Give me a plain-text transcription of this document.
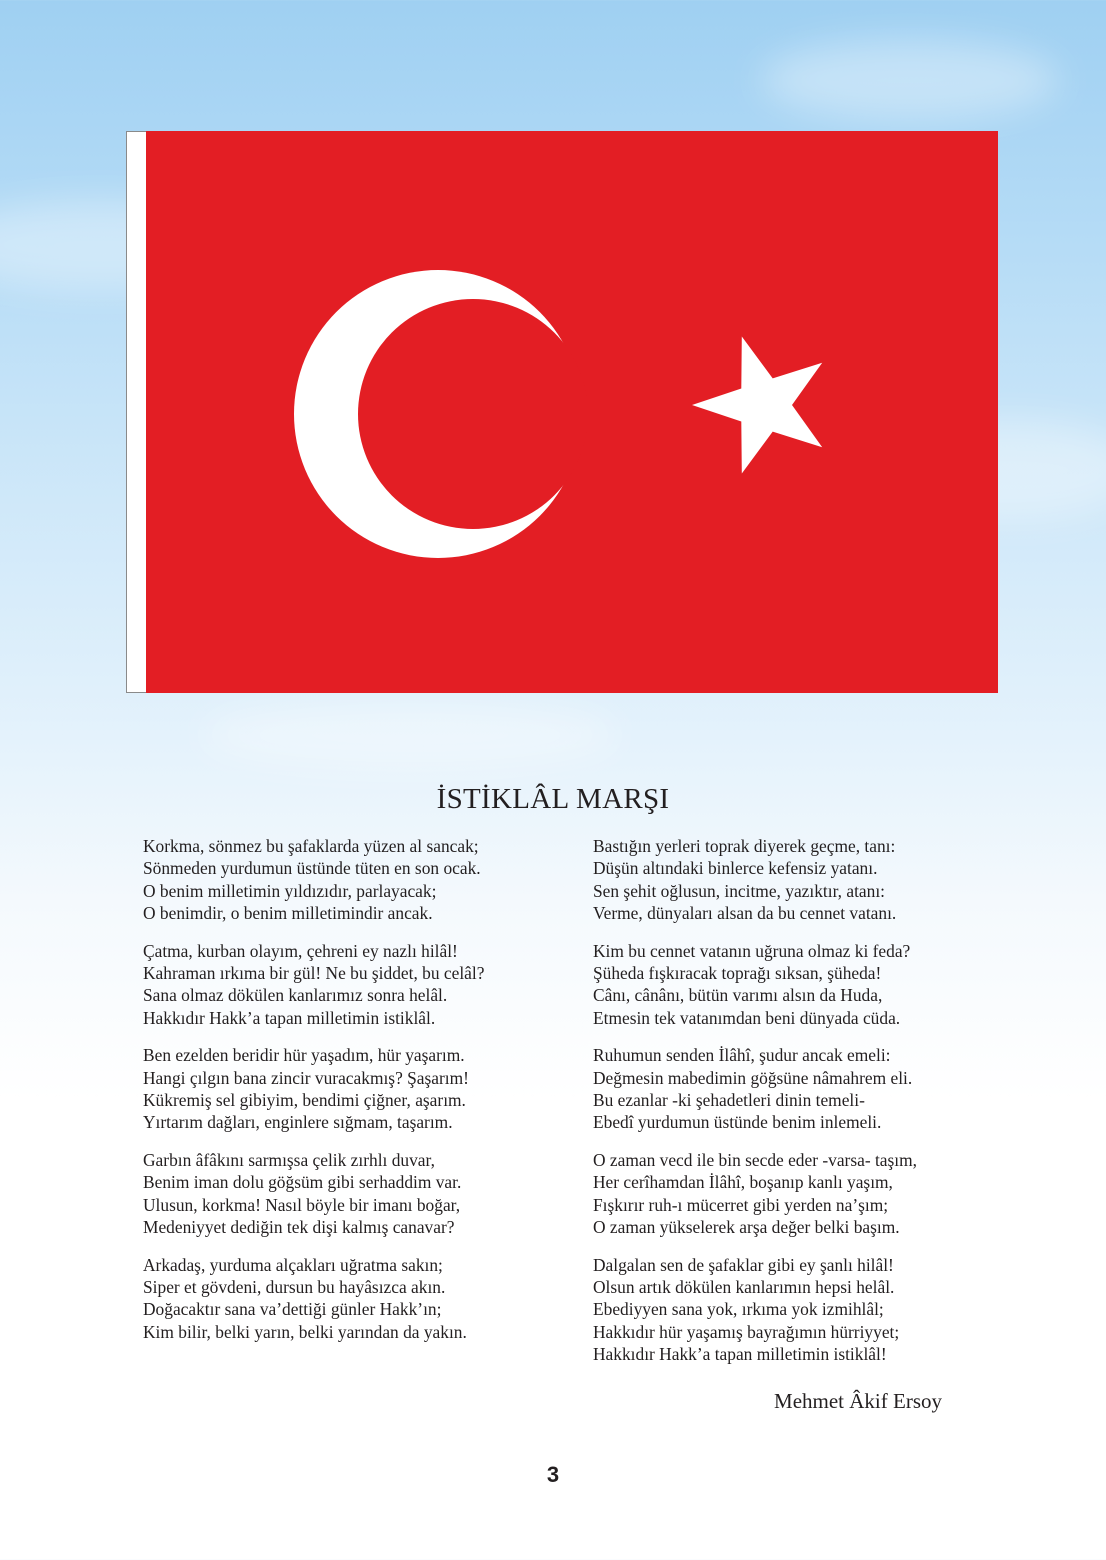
İSTİKLÂL MARŞI
Korkma, sönmez bu şafaklarda yüzen al sancak;
Sönmeden yurdumun üstünde tüten en son ocak.
O benim milletimin yıldızıdır, parlayacak;
O benimdir, o benim milletimindir ancak.
Çatma, kurban olayım, çehreni ey nazlı hilâl!
Kahraman ırkıma bir gül! Ne bu şiddet, bu celâl?
Sana olmaz dökülen kanlarımız sonra helâl.
Hakkıdır Hakk’a tapan milletimin istiklâl.
Ben ezelden beridir hür yaşadım, hür yaşarım.
Hangi çılgın bana zincir vuracakmış? Şaşarım!
Kükremiş sel gibiyim, bendimi çiğner, aşarım.
Yırtarım dağları, enginlere sığmam, taşarım.
Garbın âfâkını sarmışsa çelik zırhlı duvar,
Benim iman dolu göğsüm gibi serhaddim var.
Ulusun, korkma! Nasıl böyle bir imanı boğar,
Medeniyyet dediğin tek dişi kalmış canavar?
Arkadaş, yurduma alçakları uğratma sakın;
Siper et gövdeni, dursun bu hayâsızca akın.
Doğacaktır sana va’dettiği günler Hakk’ın;
Kim bilir, belki yarın, belki yarından da yakın.
Bastığın yerleri toprak diyerek geçme, tanı:
Düşün altındaki binlerce kefensiz yatanı.
Sen şehit oğlusun, incitme, yazıktır, atanı:
Verme, dünyaları alsan da bu cennet vatanı.
Kim bu cennet vatanın uğruna olmaz ki feda?
Şüheda fışkıracak toprağı sıksan, şüheda!
Cânı, cânânı, bütün varımı alsın da Huda,
Etmesin tek vatanımdan beni dünyada cüda.
Ruhumun senden İlâhî, şudur ancak emeli:
Değmesin mabedimin göğsüne nâmahrem eli.
Bu ezanlar -ki şehadetleri dinin temeli-
Ebedî yurdumun üstünde benim inlemeli.
O zaman vecd ile bin secde eder -varsa- taşım,
Her cerîhamdan İlâhî, boşanıp kanlı yaşım,
Fışkırır ruh-ı mücerret gibi yerden na’şım;
O zaman yükselerek arşa değer belki başım.
Dalgalan sen de şafaklar gibi ey şanlı hilâl!
Olsun artık dökülen kanlarımın hepsi helâl.
Ebediyyen sana yok, ırkıma yok izmihlâl;
Hakkıdır hür yaşamış bayrağımın hürriyyet;
Hakkıdır Hakk’a tapan milletimin istiklâl!
Mehmet Âkif Ersoy
3
